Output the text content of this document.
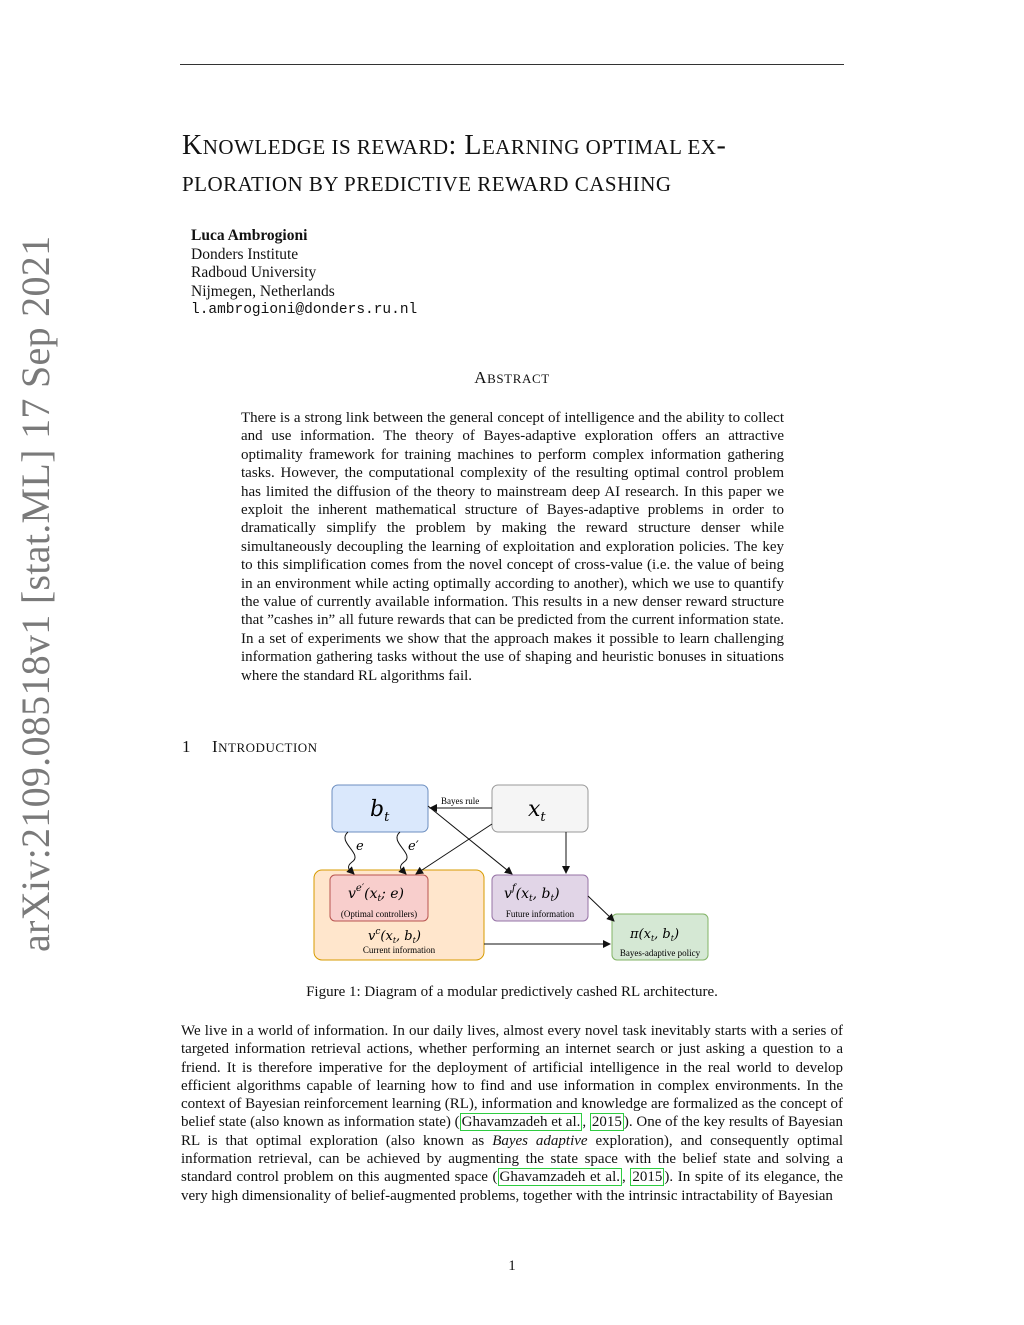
arXiv:2109.08518v1 [stat.ML] 17 Sep 2021
KNOWLEDGE IS REWARD: LEARNING OPTIMAL EX-
PLORATION BY PREDICTIVE REWARD CASHING
Luca Ambrogioni
Donders Institute
Radboud University
Nijmegen, Netherlands
l.ambrogioni@donders.ru.nl
ABSTRACT
There is a strong link between the general concept of intelligence and the ability to collect and use information. The theory of Bayes-adaptive exploration offers an attractive optimality framework for training machines to perform complex information gathering tasks. However, the computational complexity of the resulting optimal control problem has limited the diffusion of the theory to mainstream deep AI research. In this paper we exploit the inherent mathematical structure of Bayes-adaptive problems in order to dramatically simplify the problem by making the reward structure denser while simultaneously decoupling the learning of exploitation and exploration policies. The key to this simplification comes from the novel concept of cross-value (i.e. the value of being in an environment while acting optimally according to another), which we use to quantify the value of currently available information. This results in a new denser reward structure that ”cashes in” all future rewards that can be predicted from the current information state. In a set of experiments we show that the approach makes it possible to learn challenging information gathering tasks without the use of shaping and heuristic bonuses in situations where the standard RL algorithms fail.
1 INTRODUCTION
$b_t$	$x_t$
$v^{e'}(x_t$; e)
(Optimal controllers)
$v^f(x_t$, $b_t$)
Future information
$v^c(x_t$, $b_t$)
Current information
$\pi(x_t$, $b_t$)
Bayes-adaptive policy
Bayes rule
e	e′
Figure 1: Diagram of a modular predictively cashed RL architecture.
We live in a world of information. In our daily lives, almost every novel task inevitably starts with a series of targeted information retrieval actions, whether performing an internet search or just asking a question to a friend. It is therefore imperative for the deployment of artificial intelligence in the real world to develop efficient algorithms capable of learning how to find and use information in complex environments. In the context of Bayesian reinforcement learning (RL), information and knowledge are formalized as the concept of belief state (also known as information state) ( Ghavamzadeh et al. , 2015 ). One of the key results of Bayesian RL is that optimal exploration (also known as Bayes adaptive exploration), and consequently optimal information retrieval, can be achieved by augmenting the state space with the belief state and solving a standard control problem on this augmented space ( Ghavamzadeh et al. , 2015 ). In spite of its elegance, the very high dimensionality of belief-augmented problems, together with the intrinsic intractability of Bayesian
1
